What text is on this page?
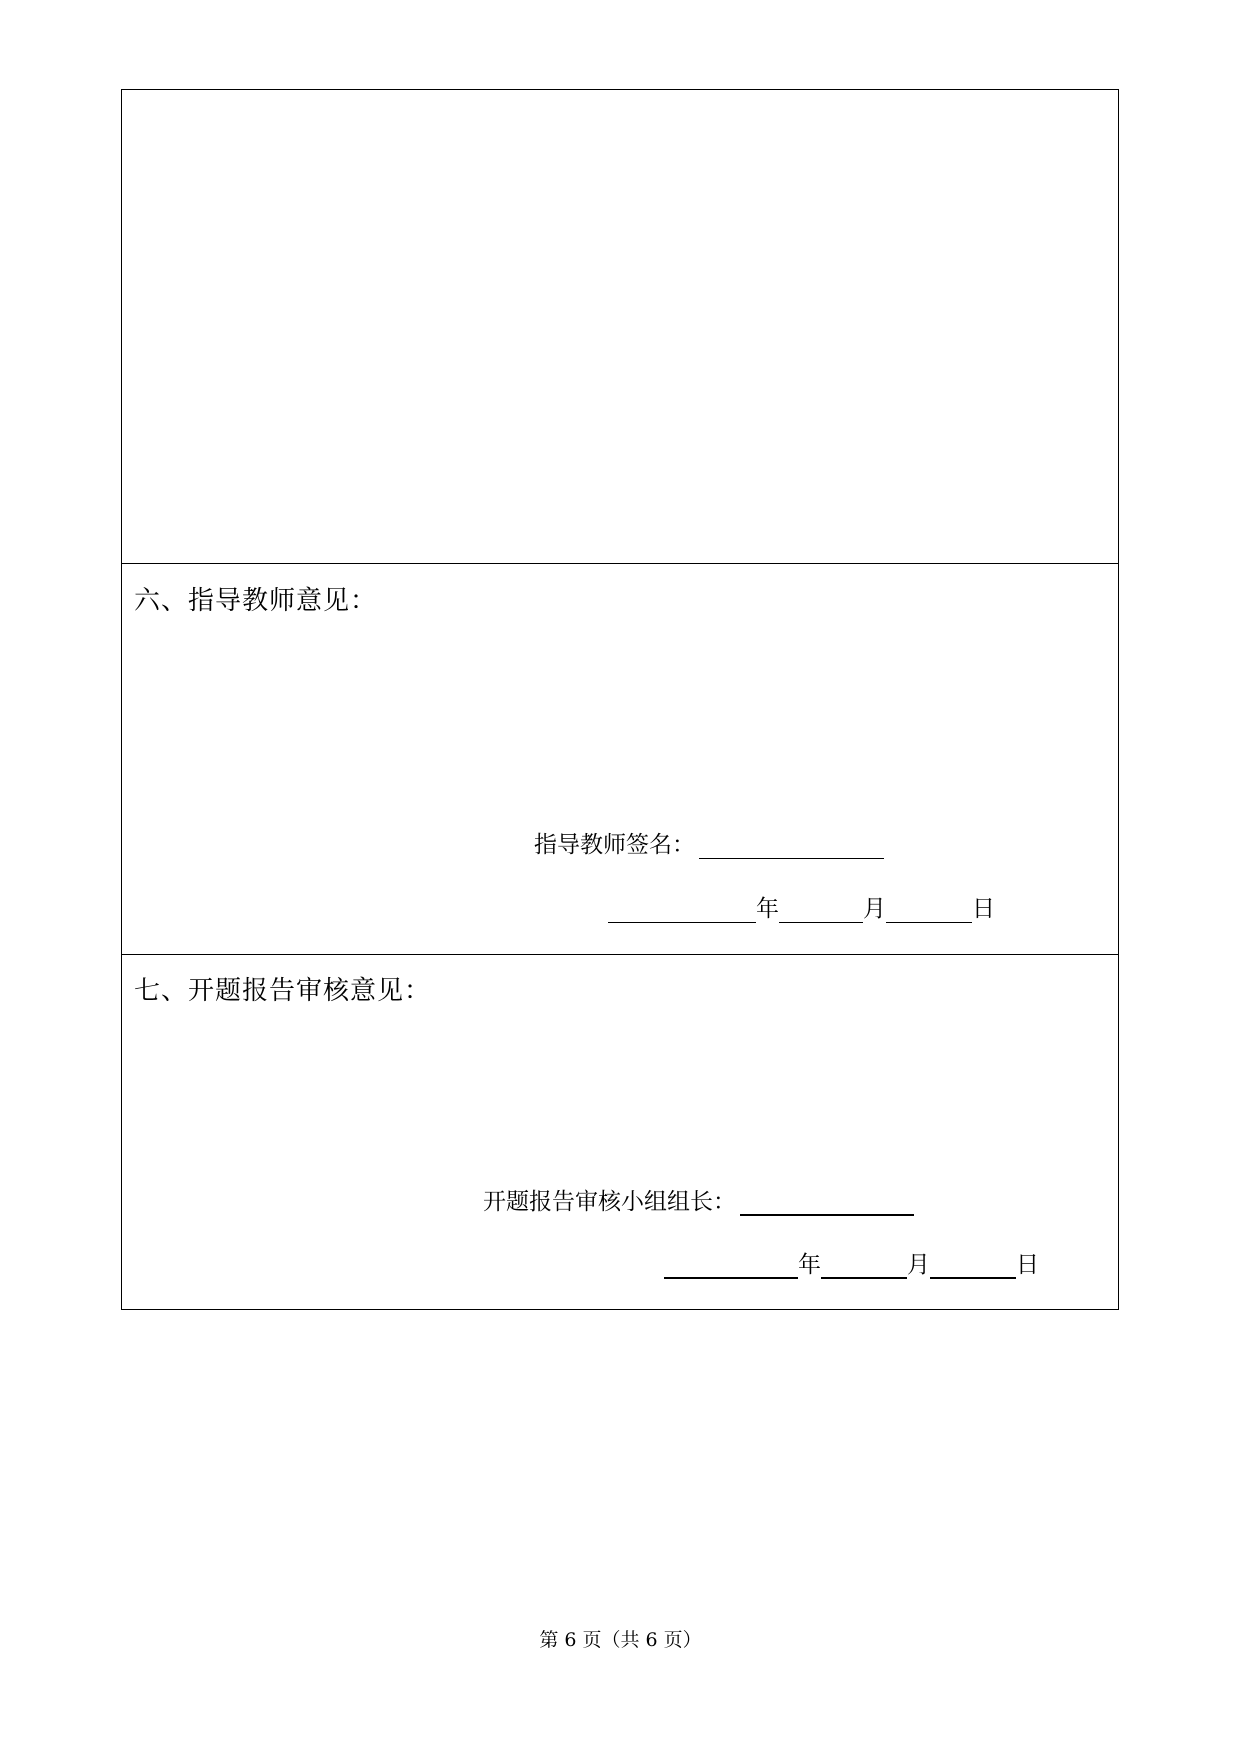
六、指导教师意见：
指导教师签名：
年	月	日
七、开题报告审核意见：
开题报告审核小组组长：
年	月	日
第 6 页（共 6 页）
